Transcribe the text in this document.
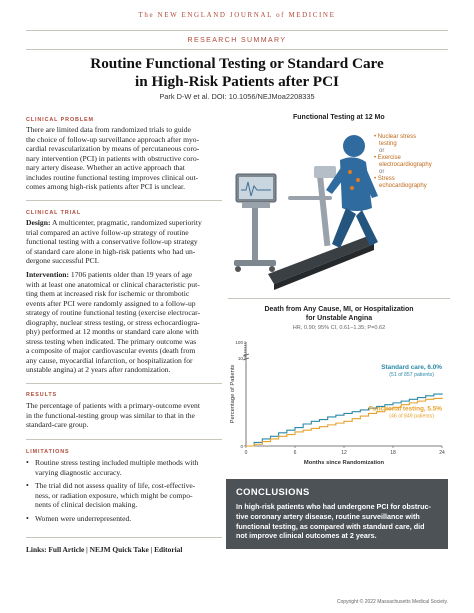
The NEW ENGLAND JOURNAL of MEDICINE
RESEARCH SUMMARY
Routine Functional Testing or Standard Care
in High-Risk Patients after PCI
Park D-W et al. DOI: 10.1056/NEJMoa2208335
CLINICAL PROBLEM
There are limited data from randomized trials to guide
the choice of follow-up surveillance approach after myo-
cardial revascularization by means of percutaneous coro-
nary intervention (PCI) in patients with obstructive coro-
nary artery disease. Whether an active approach that
includes routine functional testing improves clinical out-
comes among high-risk patients after PCI is unclear.
CLINICAL TRIAL
Design: A multicenter, pragmatic, randomized superiority
trial compared an active follow-up strategy of routine
functional testing with a conservative follow-up strategy
of standard care alone in high-risk patients who had un-
dergone successful PCI.
Intervention: 1706 patients older than 19 years of age
with at least one anatomical or clinical characteristic put-
ting them at increased risk for ischemic or thrombotic
events after PCI were randomly assigned to a follow-up
strategy of routine functional testing (exercise electrocar-
diography, nuclear stress testing, or stress echocardiogra-
phy) performed at 12 months or standard care alone with
stress testing when indicated. The primary outcome was
a composite of major cardiovascular events (death from
any cause, myocardial infarction, or hospitalization for
unstable angina) at 2 years after randomization.
RESULTS
The percentage of patients with a primary-outcome event
in the functional-testing group was similar to that in the
standard-care group.
LIMITATIONS
• Routine stress testing included multiple methods with
varying diagnostic accuracy.
• The trial did not assess quality of life, cost-effective-
ness, or radiation exposure, which might be compo-
nents of clinical decision making.
• Women were underrepresented.
Links: Full Article | NEJM Quick Take | Editorial
Functional Testing at 12 Mo
• Nuclear stress
testing
or
• Exercise
electrocardiography
or
• Stress
echocardiography
Death from Any Cause, MI, or Hospitalization
for Unstable Angina
HR, 0.90; 95% CI, 0.61–1.35; P=0.62
0
10
100
0	6	12	18	24
Months since Randomization
Percentage of Patients	Standard care, 6.0%
(51 of 857 patients)
Functional testing, 5.5%
(46 of 849 patients)
CONCLUSIONS
In high-risk patients who had undergone PCI for obstruc-
tive coronary artery disease, routine surveillance with
functional testing, as compared with standard care, did
not improve clinical outcomes at 2 years.
Copyright © 2022 Massachusetts Medical Society.
